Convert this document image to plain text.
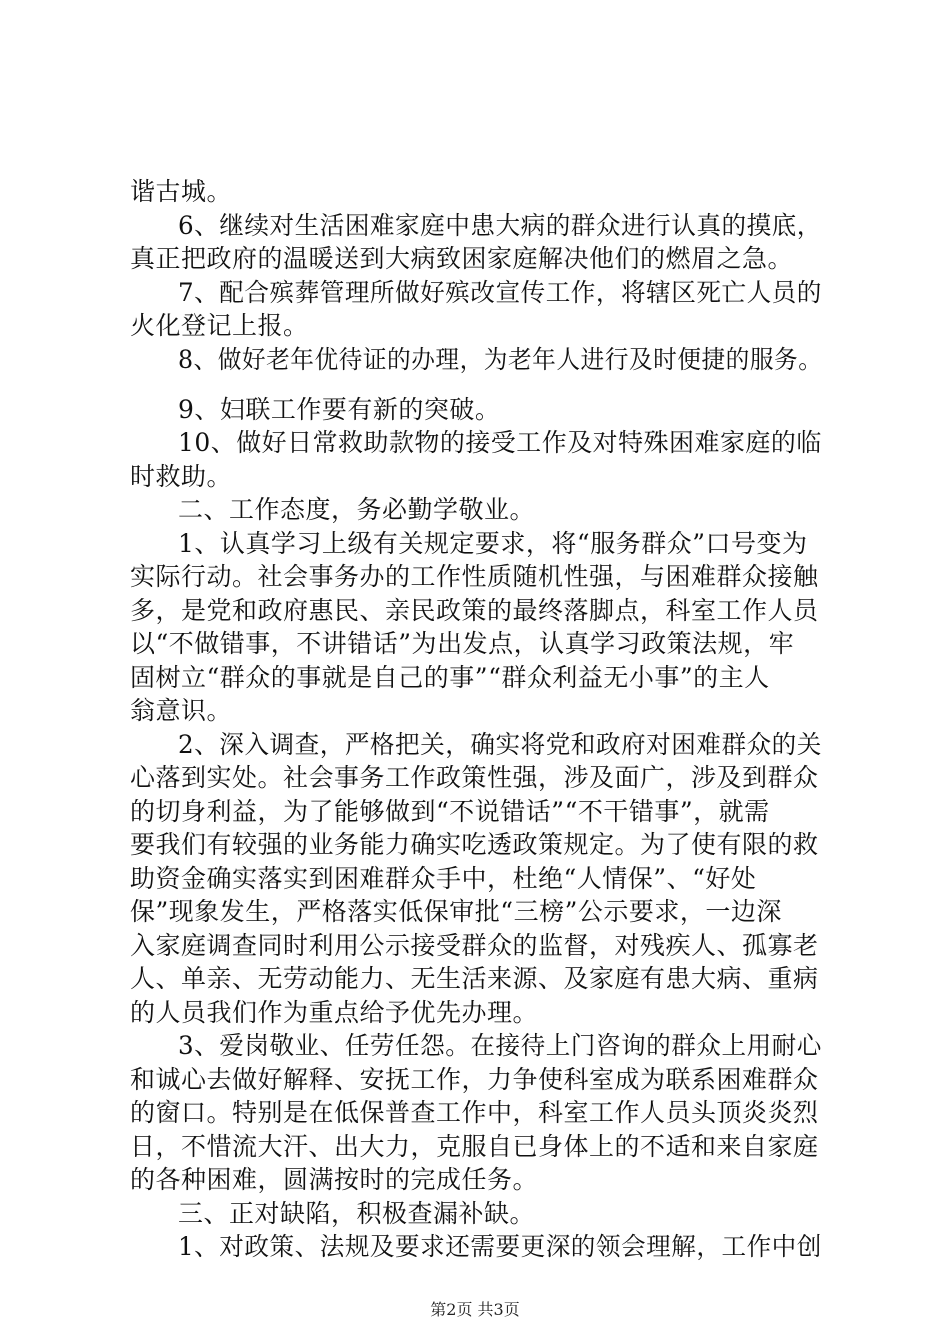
谐古城。
6、继续对生活困难家庭中患大病的群众进行认真的摸底，
真正把政府的温暖送到大病致困家庭解决他们的燃眉之急。
7、配合殡葬管理所做好殡改宣传工作，将辖区死亡人员的
火化登记上报。
8、做好老年优待证的办理，为老年人进行及时便捷的服务。
9、妇联工作要有新的突破。
10、做好日常救助款物的接受工作及对特殊困难家庭的临
时救助。
二、工作态度，务必勤学敬业。
1、认真学习上级有关规定要求，将“服务群众”口号变为
实际行动。社会事务办的工作性质随机性强，与困难群众接触
多，是党和政府惠民、亲民政策的最终落脚点，科室工作人员
以“不做错事，不讲错话”为出发点，认真学习政策法规，牢
固树立“群众的事就是自己的事”“群众利益无小事”的主人
翁意识。
2、深入调查，严格把关，确实将党和政府对困难群众的关
心落到实处。社会事务工作政策性强，涉及面广，涉及到群众
的切身利益，为了能够做到“不说错话”“不干错事”，就需
要我们有较强的业务能力确实吃透政策规定。为了使有限的救
助资金确实落实到困难群众手中，杜绝“人情保”、“好处
保”现象发生，严格落实低保审批“三榜”公示要求，一边深
入家庭调查同时利用公示接受群众的监督，对残疾人、孤寡老
人、单亲、无劳动能力、无生活来源、及家庭有患大病、重病
的人员我们作为重点给予优先办理。
3、爱岗敬业、任劳任怨。在接待上门咨询的群众上用耐心
和诚心去做好解释、安抚工作，力争使科室成为联系困难群众
的窗口。特别是在低保普查工作中，科室工作人员头顶炎炎烈
日，不惜流大汗、出大力，克服自已身体上的不适和来自家庭
的各种困难，圆满按时的完成任务。
三、正对缺陷，积极查漏补缺。
1、对政策、法规及要求还需要更深的领会理解，工作中创
第2页 共3页
